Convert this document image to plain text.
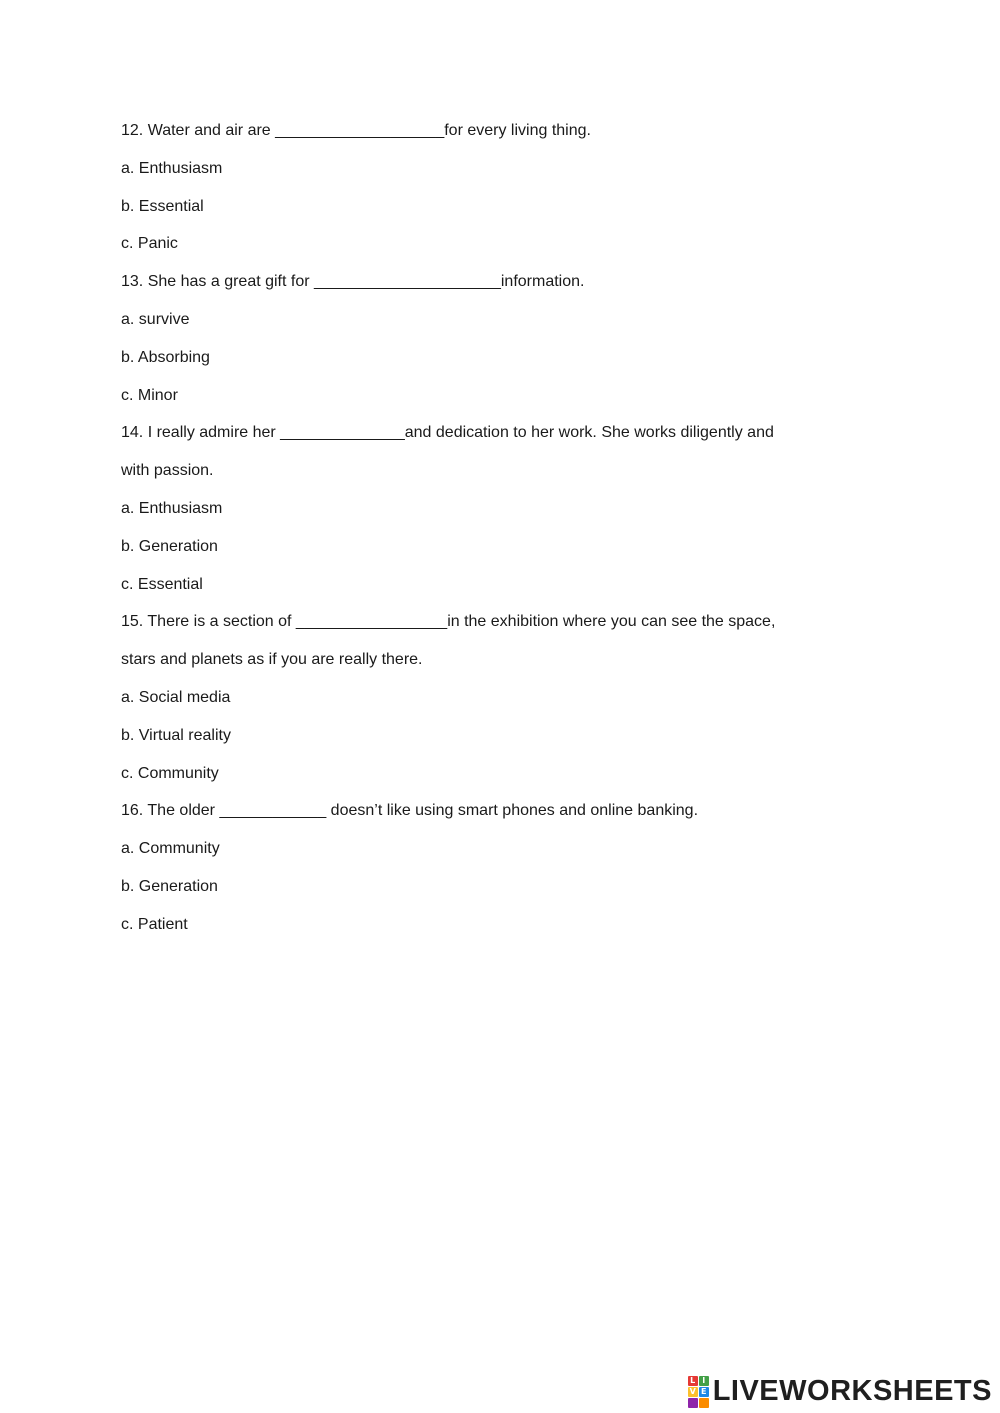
12. Water and air are ___________________for every living thing.
a. Enthusiasm
b. Essential
c. Panic
13. She has a great gift for _____________________information.
a. survive
b. Absorbing
c. Minor
14. I really admire her ______________and dedication to her work. She works diligently and
with passion.
a. Enthusiasm
b. Generation
c. Essential
15. There is a section of _________________in the exhibition where you can see the space,
stars and planets as if you are really there.
a. Social media
b. Virtual reality
c. Community
16. The older ____________ doesn’t like using smart phones and online banking.
a. Community
b. Generation
c. Patient
L I
V E LIVEWORKSHEETS
